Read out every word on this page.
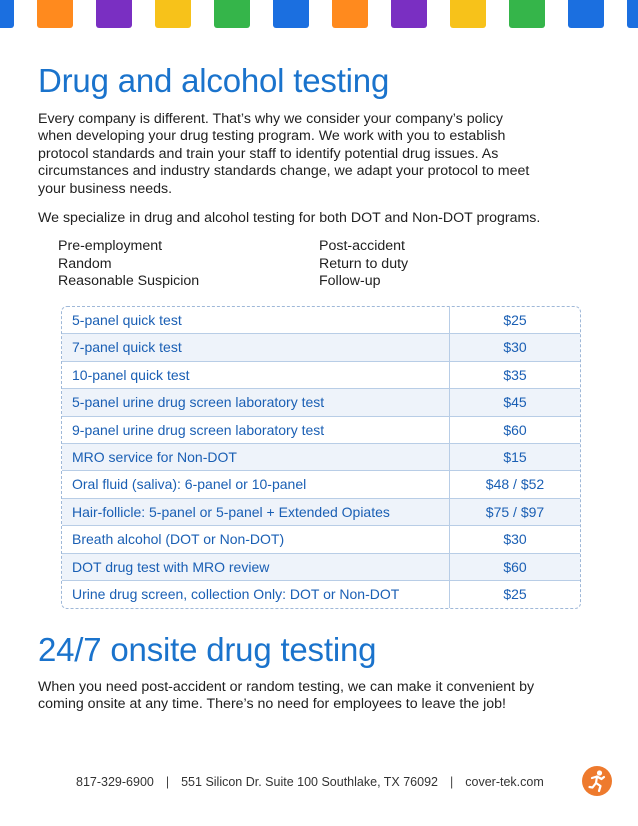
Drug and alcohol testing

Every company is different. That’s why we consider your company’s policy
when developing your drug testing program. We work with you to establish
protocol standards and train your staff to identify potential drug issues. As
circumstances and industry standards change, we adapt your protocol to meet
your business needs.

We specialize in drug and alcohol testing for both DOT and Non-DOT programs.

Pre-employment
Random
Reasonable Suspicion
Post-accident
Return to duty
Follow-up
5-panel quick test	$25
7-panel quick test	$30
10-panel quick test	$35
5-panel urine drug screen laboratory test	$45
9-panel urine drug screen laboratory test	$60
MRO service for Non-DOT	$15
Oral fluid (saliva): 6-panel or 10-panel	$48 / $52
Hair-follicle: 5-panel or 5-panel + Extended Opiates	$75 / $97
Breath alcohol (DOT or Non-DOT)	$30
DOT drug test with MRO review	$60
Urine drug screen, collection Only: DOT or Non-DOT	$25
24/7 onsite drug testing

When you need post-accident or random testing, we can make it convenient by
coming onsite at any time. There’s no need for employees to leave the job!

817-329-6900 | 551 Silicon Dr. Suite 100 Southlake, TX 76092 | cover-tek.com
